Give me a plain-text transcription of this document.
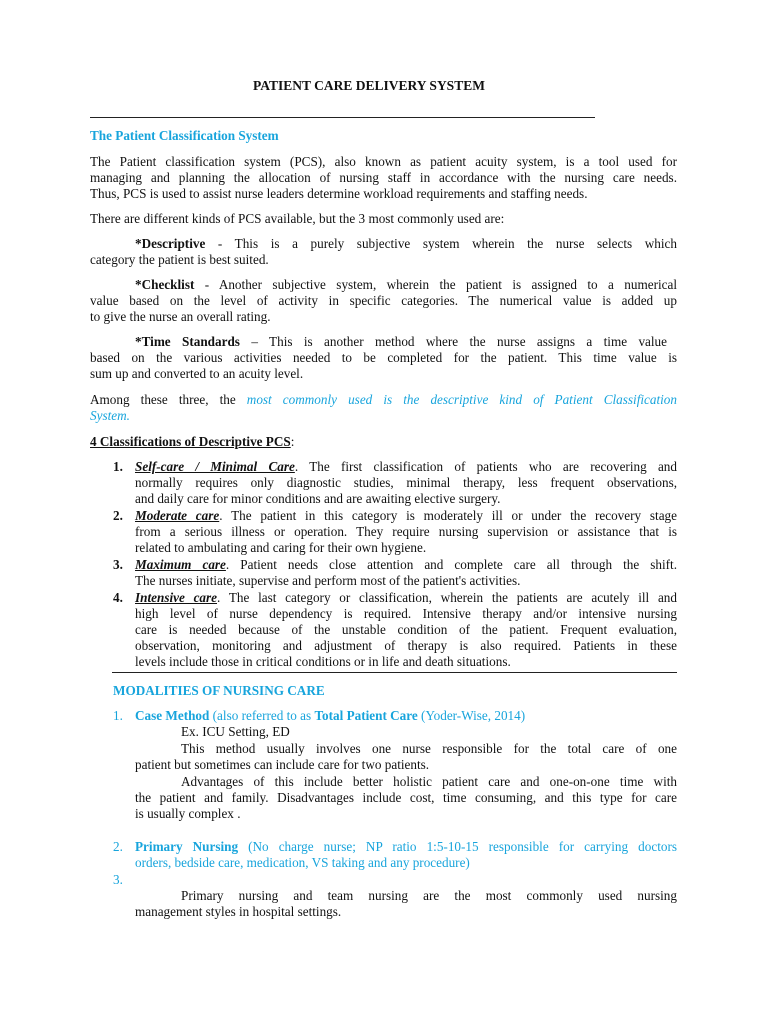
PATIENT CARE DELIVERY SYSTEM
The Patient Classification System
The Patient classification system (PCS), also known as patient acuity system, is a tool used for
managing and planning the allocation of nursing staff in accordance with the nursing care needs.
Thus, PCS is used to assist nurse leaders determine workload requirements and staffing needs.
There are different kinds of PCS available, but the 3 most commonly used are:
*Descriptive - This is a purely subjective system wherein the nurse selects which
category the patient is best suited.
*Checklist - Another subjective system, wherein the patient is assigned to a numerical
value based on the level of activity in specific categories. The numerical value is added up
to give the nurse an overall rating.
*Time Standards – This is another method where the nurse assigns a time value
based on the various activities needed to be completed for the patient. This time value is
sum up and converted to an acuity level.
Among these three, the most commonly used is the descriptive kind of Patient Classification
System.
4 Classifications of Descriptive PCS:
1. Self-care / Minimal Care. The first classification of patients who are recovering and
normally requires only diagnostic studies, minimal therapy, less frequent observations,
and daily care for minor conditions and are awaiting elective surgery.
2. Moderate care. The patient in this category is moderately ill or under the recovery stage
from a serious illness or operation. They require nursing supervision or assistance that is
related to ambulating and caring for their own hygiene.
3. Maximum care. Patient needs close attention and complete care all through the shift.
The nurses initiate, supervise and perform most of the patient's activities.
4. Intensive care. The last category or classification, wherein the patients are acutely ill and
high level of nurse dependency is required. Intensive therapy and/or intensive nursing
care is needed because of the unstable condition of the patient. Frequent evaluation,
observation, monitoring and adjustment of therapy is also required. Patients in these
levels include those in critical conditions or in life and death situations.
MODALITIES OF NURSING CARE
1. Case Method (also referred to as Total Patient Care (Yoder-Wise, 2014)
Ex. ICU Setting, ED
This method usually involves one nurse responsible for the total care of one
patient but sometimes can include care for two patients.
Advantages of this include better holistic patient care and one-on-one time with
the patient and family. Disadvantages include cost, time consuming, and this type for care
is usually complex .
2. Primary Nursing (No charge nurse; NP ratio 1:5-10-15 responsible for carrying doctors
orders, bedside care, medication, VS taking and any procedure)
3.
Primary nursing and team nursing are the most commonly used nursing
management styles in hospital settings.
